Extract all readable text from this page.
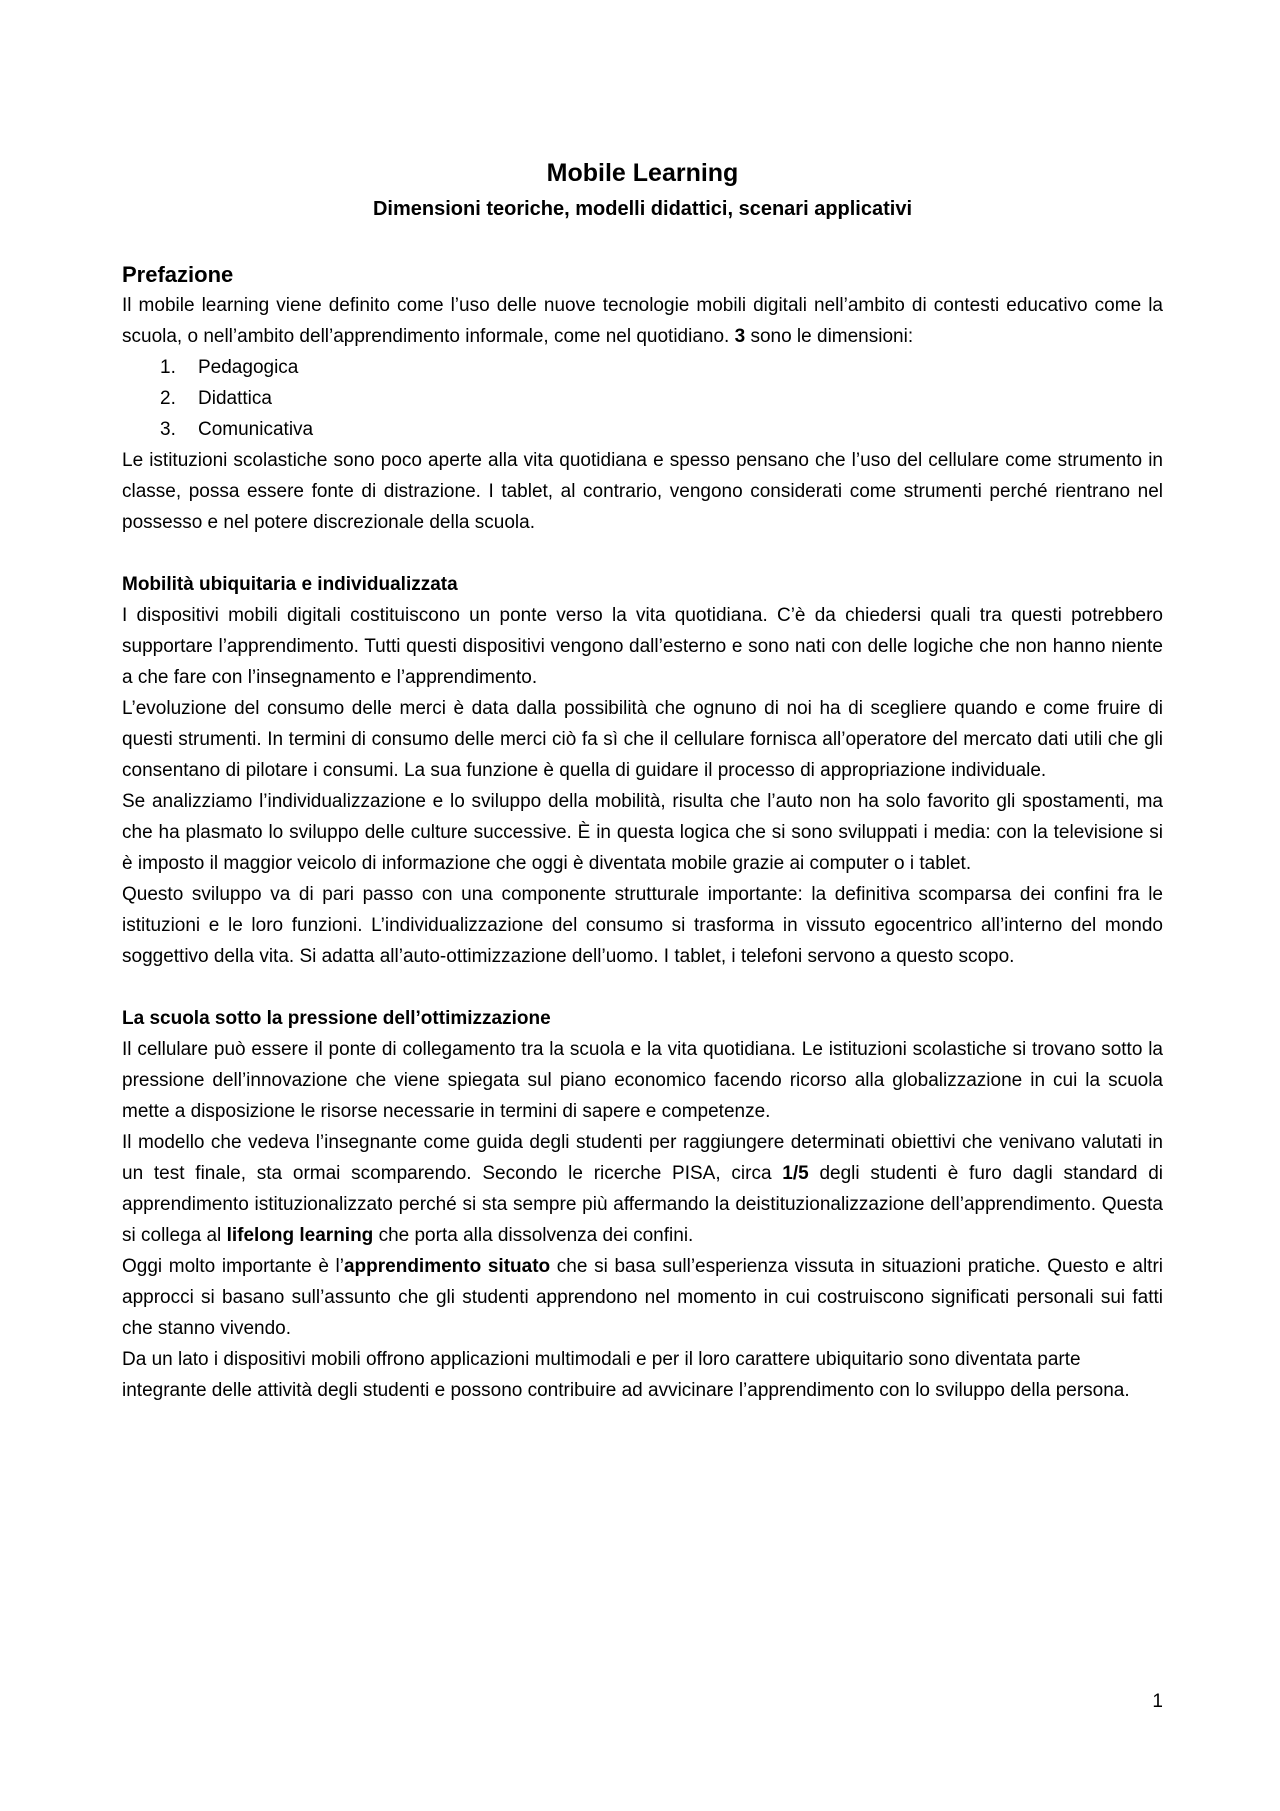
Mobile Learning
Dimensioni teoriche, modelli didattici, scenari applicativi
Prefazione

Il mobile learning viene definito come l’uso delle nuove tecnologie mobili digitali nell’ambito di contesti educativo come la scuola, o nell’ambito dell’apprendimento informale, come nel quotidiano. 3 sono le dimensioni:

1. Pedagogica
2. Didattica
3. Comunicativa

Le istituzioni scolastiche sono poco aperte alla vita quotidiana e spesso pensano che l’uso del cellulare come strumento in classe, possa essere fonte di distrazione. I tablet, al contrario, vengono considerati come strumenti perché rientrano nel possesso e nel potere discrezionale della scuola.

Mobilità ubiquitaria e individualizzata

I dispositivi mobili digitali costituiscono un ponte verso la vita quotidiana. C’è da chiedersi quali tra questi potrebbero supportare l’apprendimento. Tutti questi dispositivi vengono dall’esterno e sono nati con delle logiche che non hanno niente a che fare con l’insegnamento e l’apprendimento.

L’evoluzione del consumo delle merci è data dalla possibilità che ognuno di noi ha di scegliere quando e come fruire di questi strumenti. In termini di consumo delle merci ciò fa sì che il cellulare fornisca all’operatore del mercato dati utili che gli consentano di pilotare i consumi. La sua funzione è quella di guidare il processo di appropriazione individuale.

Se analizziamo l’individualizzazione e lo sviluppo della mobilità, risulta che l’auto non ha solo favorito gli spostamenti, ma che ha plasmato lo sviluppo delle culture successive. È in questa logica che si sono sviluppati i media: con la televisione si è imposto il maggior veicolo di informazione che oggi è diventata mobile grazie ai computer o i tablet.

Questo sviluppo va di pari passo con una componente strutturale importante: la definitiva scomparsa dei confini fra le istituzioni e le loro funzioni. L’individualizzazione del consumo si trasforma in vissuto egocentrico all’interno del mondo soggettivo della vita. Si adatta all’auto-ottimizzazione dell’uomo. I tablet, i telefoni servono a questo scopo.

La scuola sotto la pressione dell’ottimizzazione

Il cellulare può essere il ponte di collegamento tra la scuola e la vita quotidiana. Le istituzioni scolastiche si trovano sotto la pressione dell’innovazione che viene spiegata sul piano economico facendo ricorso alla globalizzazione in cui la scuola mette a disposizione le risorse necessarie in termini di sapere e competenze.

Il modello che vedeva l’insegnante come guida degli studenti per raggiungere determinati obiettivi che venivano valutati in un test finale, sta ormai scomparendo. Secondo le ricerche PISA, circa 1/5 degli studenti è furo dagli standard di apprendimento istituzionalizzato perché si sta sempre più affermando la deistituzionalizzazione dell’apprendimento. Questa si collega al lifelong learning che porta alla dissolvenza dei confini.

Oggi molto importante è l’apprendimento situato che si basa sull’esperienza vissuta in situazioni pratiche. Questo e altri approcci si basano sull’assunto che gli studenti apprendono nel momento in cui costruiscono significati personali sui fatti che stanno vivendo.

Da un lato i dispositivi mobili offrono applicazioni multimodali e per il loro carattere ubiquitario sono diventata parte integrante delle attività degli studenti e possono contribuire ad avvicinare l’apprendimento con lo sviluppo della persona.

1
